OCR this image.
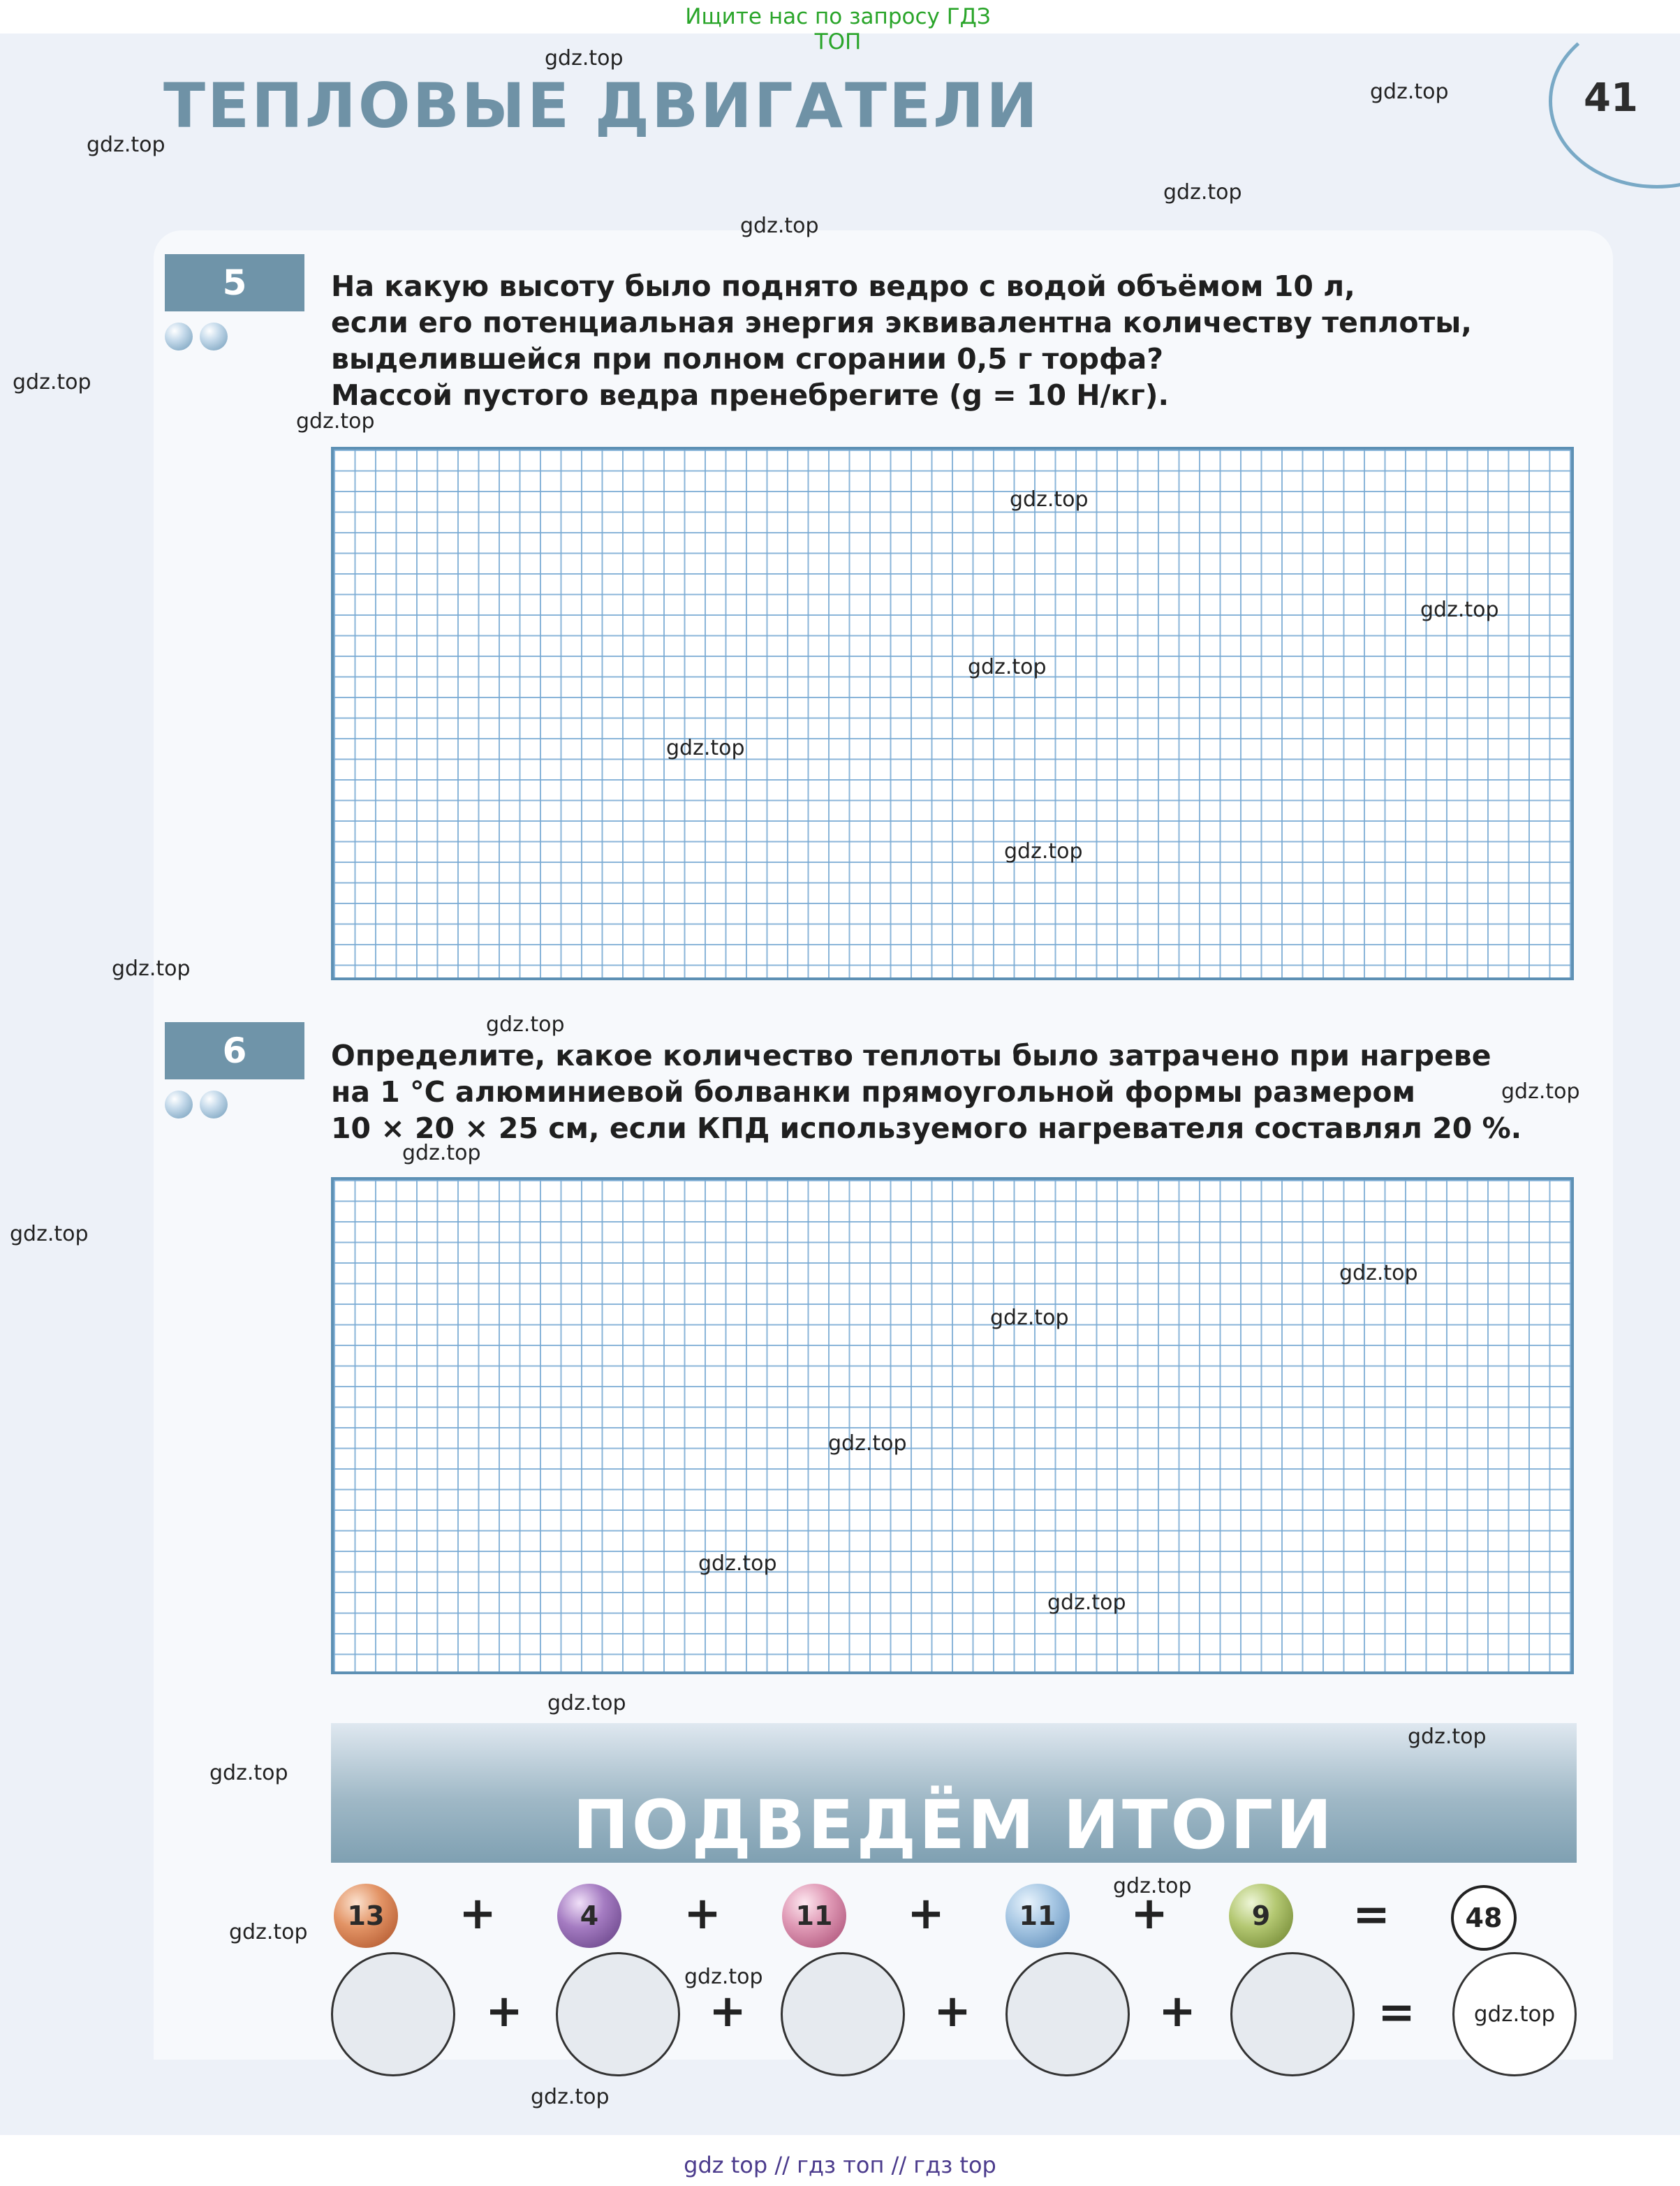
Ищите нас по запросу ГДЗ ТОП
ТЕПЛОВЫЕ ДВИГАТЕЛИ	41
5	На какую высоту было поднято ведро с водой объёмом 10 л,
если его потенциальная энергия эквивалентна количеству теплоты,
выделившейся при полном сгорании 0,5 г торфа?
Массой пустого ведра пренебрегите (g = 10 Н/кг).
6	Определите, какое количество теплоты было затрачено при нагреве
на 1 °С алюминиевой болванки прямоугольной формы размером
10 × 20 × 25 см, если КПД используемого нагревателя составлял 20 %.
ПОДВЕДЁМ ИТОГИ
13	+	4	+	11	+	11	+	9	=	48
+	+	+	+	=	gdz.top
gdz.top
gdz.top
gdz.top
gdz.top
gdz.top
gdz.top
gdz.top
gdz.top
gdz.top
gdz.top
gdz.top
gdz.top
gdz.top
gdz.top
gdz.top
gdz.top
gdz.top
gdz.top
gdz.top
gdz.top
gdz.top
gdz.top
gdz.top
gdz.top
gdz.top
gdz.top
gdz.top
gdz.top
gdz.top
gdz top // гдз топ // гдз top
